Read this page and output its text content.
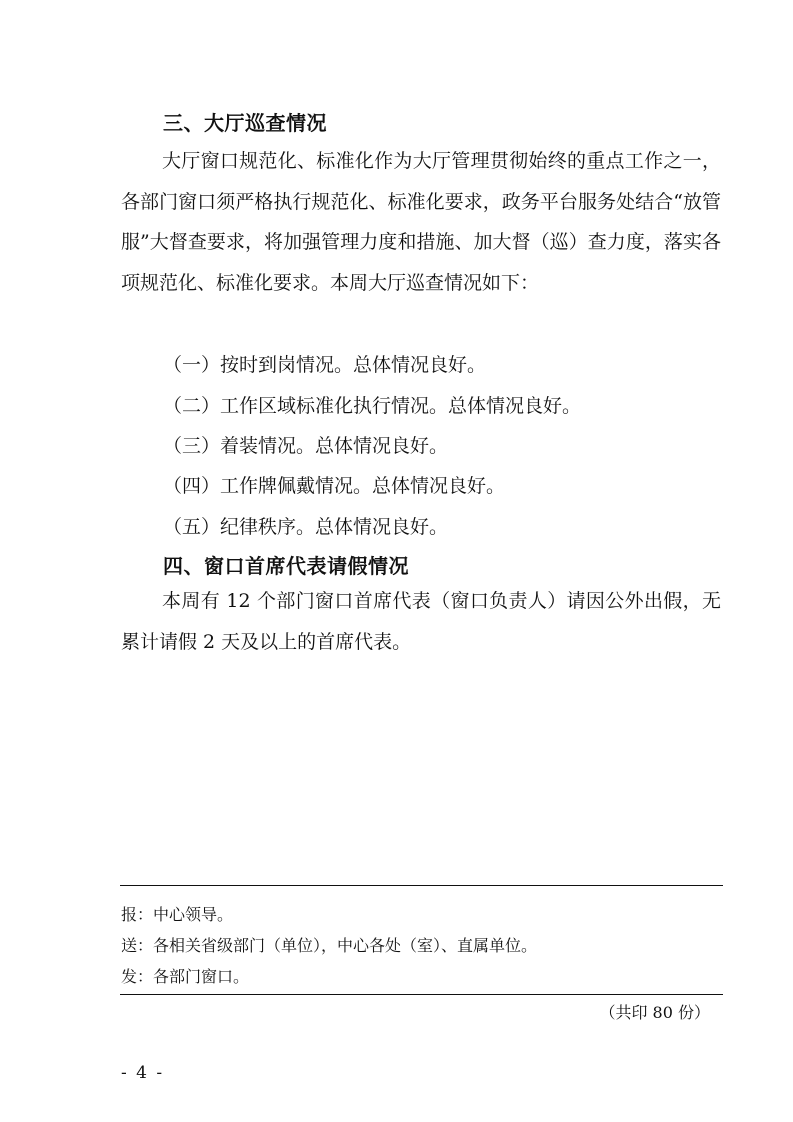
三、大厅巡查情况

大厅窗口规范化、标准化作为大厅管理贯彻始终的重点工作之一，各部门窗口须严格执行规范化、标准化要求，政务平台服务处结合“放管服”大督查要求，将加强管理力度和措施、加大督（巡）查力度，落实各项规范化、标准化要求。本周大厅巡查情况如下：

（一）按时到岗情况。总体情况良好。
（二）工作区域标准化执行情况。总体情况良好。
（三）着装情况。总体情况良好。
（四）工作牌佩戴情况。总体情况良好。
（五）纪律秩序。总体情况良好。
四、窗口首席代表请假情况

本周有 12 个部门窗口首席代表（窗口负责人）请因公外出假，无累计请假 2 天及以上的首席代表。

报：中心领导。
送：各相关省级部门（单位），中心各处（室）、直属单位。
发：各部门窗口。
（共印 80 份）
- 4 -
